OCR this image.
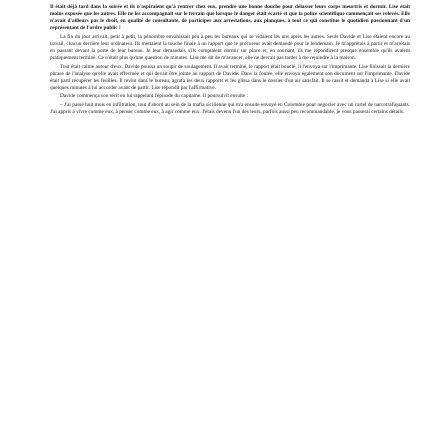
Il était déjà tard dans la soirée et ils n'aspiraient qu'à rentrer chez eux, prendre une bonne douche pour délasser leurs corps meurtris et dormir. Lise était moins exposée que les autres. Elle ne les accompagnait sur le terrain que lorsque le danger était écarté et que la police scientifique commençait ses relevés. Elle n'avait d'ailleurs pas le droit, en qualité de consultante, de participer aux arrestations, aux planques, à tout ce qui constitue le quotidien passionnant d'un représentant de l'ordre public !

La fin du jour arrivait, petit à petit, la pénombre envahissait peu à peu les bureaux qui se vidaient les uns après les autres. Seuls Davide et Lise étaient encore au travail, chacun derrière leur ordinateur. Ils mettaient la touche finale à un rapport que le procureur avait demandé pour le lendemain. Je m'apprêtais à partir et m'arrêtais en passant devant la porte de leur bureau. Je leur demandais s'ils comptaient dormir sur place et, en souriant, ils me répondirent presque ensemble qu'ils avaient pratiquement terminé. Ce n'était plus qu'une question de minutes. Lise me dit de m'avancer, elle ne devrait pas tarder à me rejoindre à la maison.

Tout était calme autour d'eux. Davide poussa un soupir de soulagement. Il avait terminé, le rapport était bouclé, il l'envoya sur l'imprimante. Lise finissait la dernière phrase de l'analyse qu'elle avait effectuée et qui devait être jointe au rapport de Davide. Dans la foulée, elle envoya également son document sur l'imprimante. Davide était parti récupérer les feuilles. Il revint dans le bureau, agrafa les deux rapports et les glissa dans le dossier d'un air satisfait. Il se rassit et demanda à Lise si elle avait quelques minutes à lui accorder avant de partir. Lise répondit par l'affirmative.

Davide commença son récit en lui rappelant l'épisode du capitaine. Il poursuivit ensuite :

– J'ai passé huit mois en infiltration, tout d'abord au sein de la mafia sicilienne qui m'a ensuite envoyé en Colombie pour négocier avec un cartel de narcotrafiquants. J'ai appris à vivre comme eux, à penser comme eux, à agir comme eux. J'étais devenu l'un des leurs, parfois aussi peu recommandable, je vous passerai certains détails.
